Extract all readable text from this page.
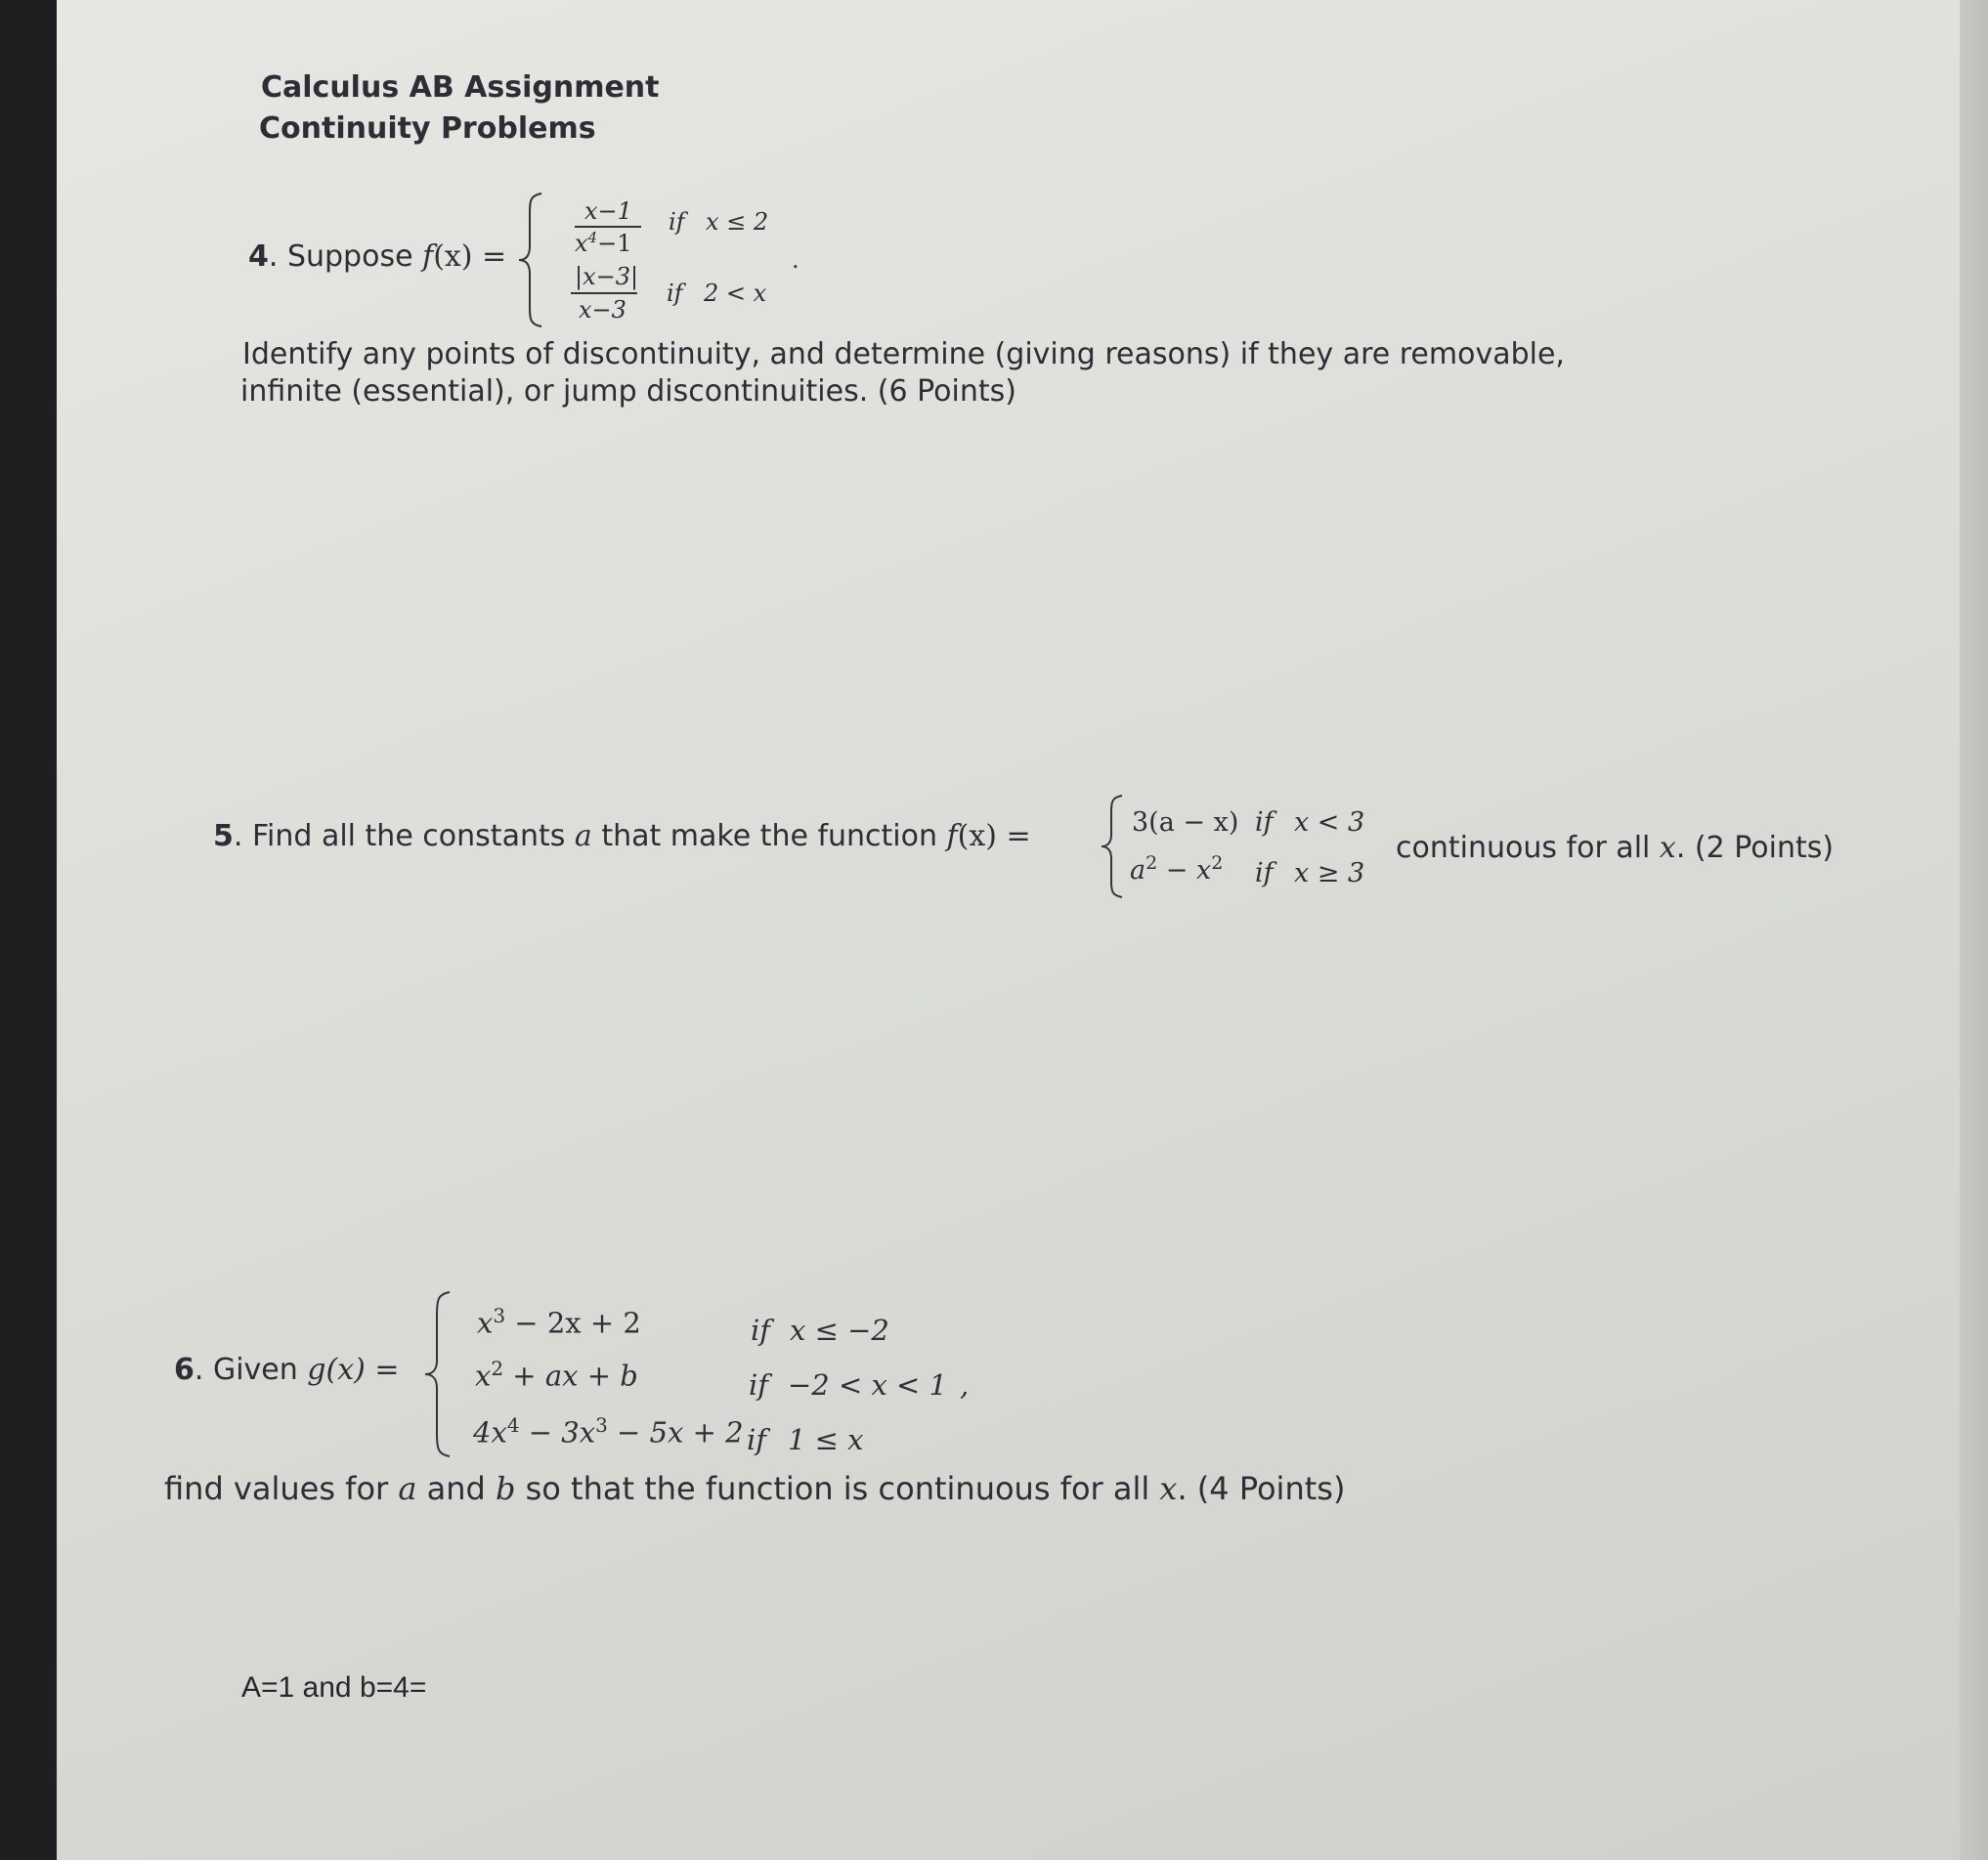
Calculus AB Assignment
Continuity Problems
4. Suppose f(x) =
x−1
$x^4-1$
if x ≤ 2
|x−3|
x−3
if 2 < x
.
Identify any points of discontinuity, and determine (giving reasons) if they are removable,
infinite (essential), or jump discontinuities. (6 Points)
5. Find all the constants a that make the function f(x) =	3(a − x) if x < 3
$a^2 - x^2$ if x ≥ 3
continuous for all x. (2 Points)
6. Given g(x) =
$x^3 - 2x + 2$	if x ≤ −2
$x^2$ + ax + b	if −2 < x < 1 ,
$4x^4 - 3x^3 - 5x + 2$ if 1 ≤ x
find values for a and b so that the function is continuous for all x. (4 Points)
A=1 and b=4=
